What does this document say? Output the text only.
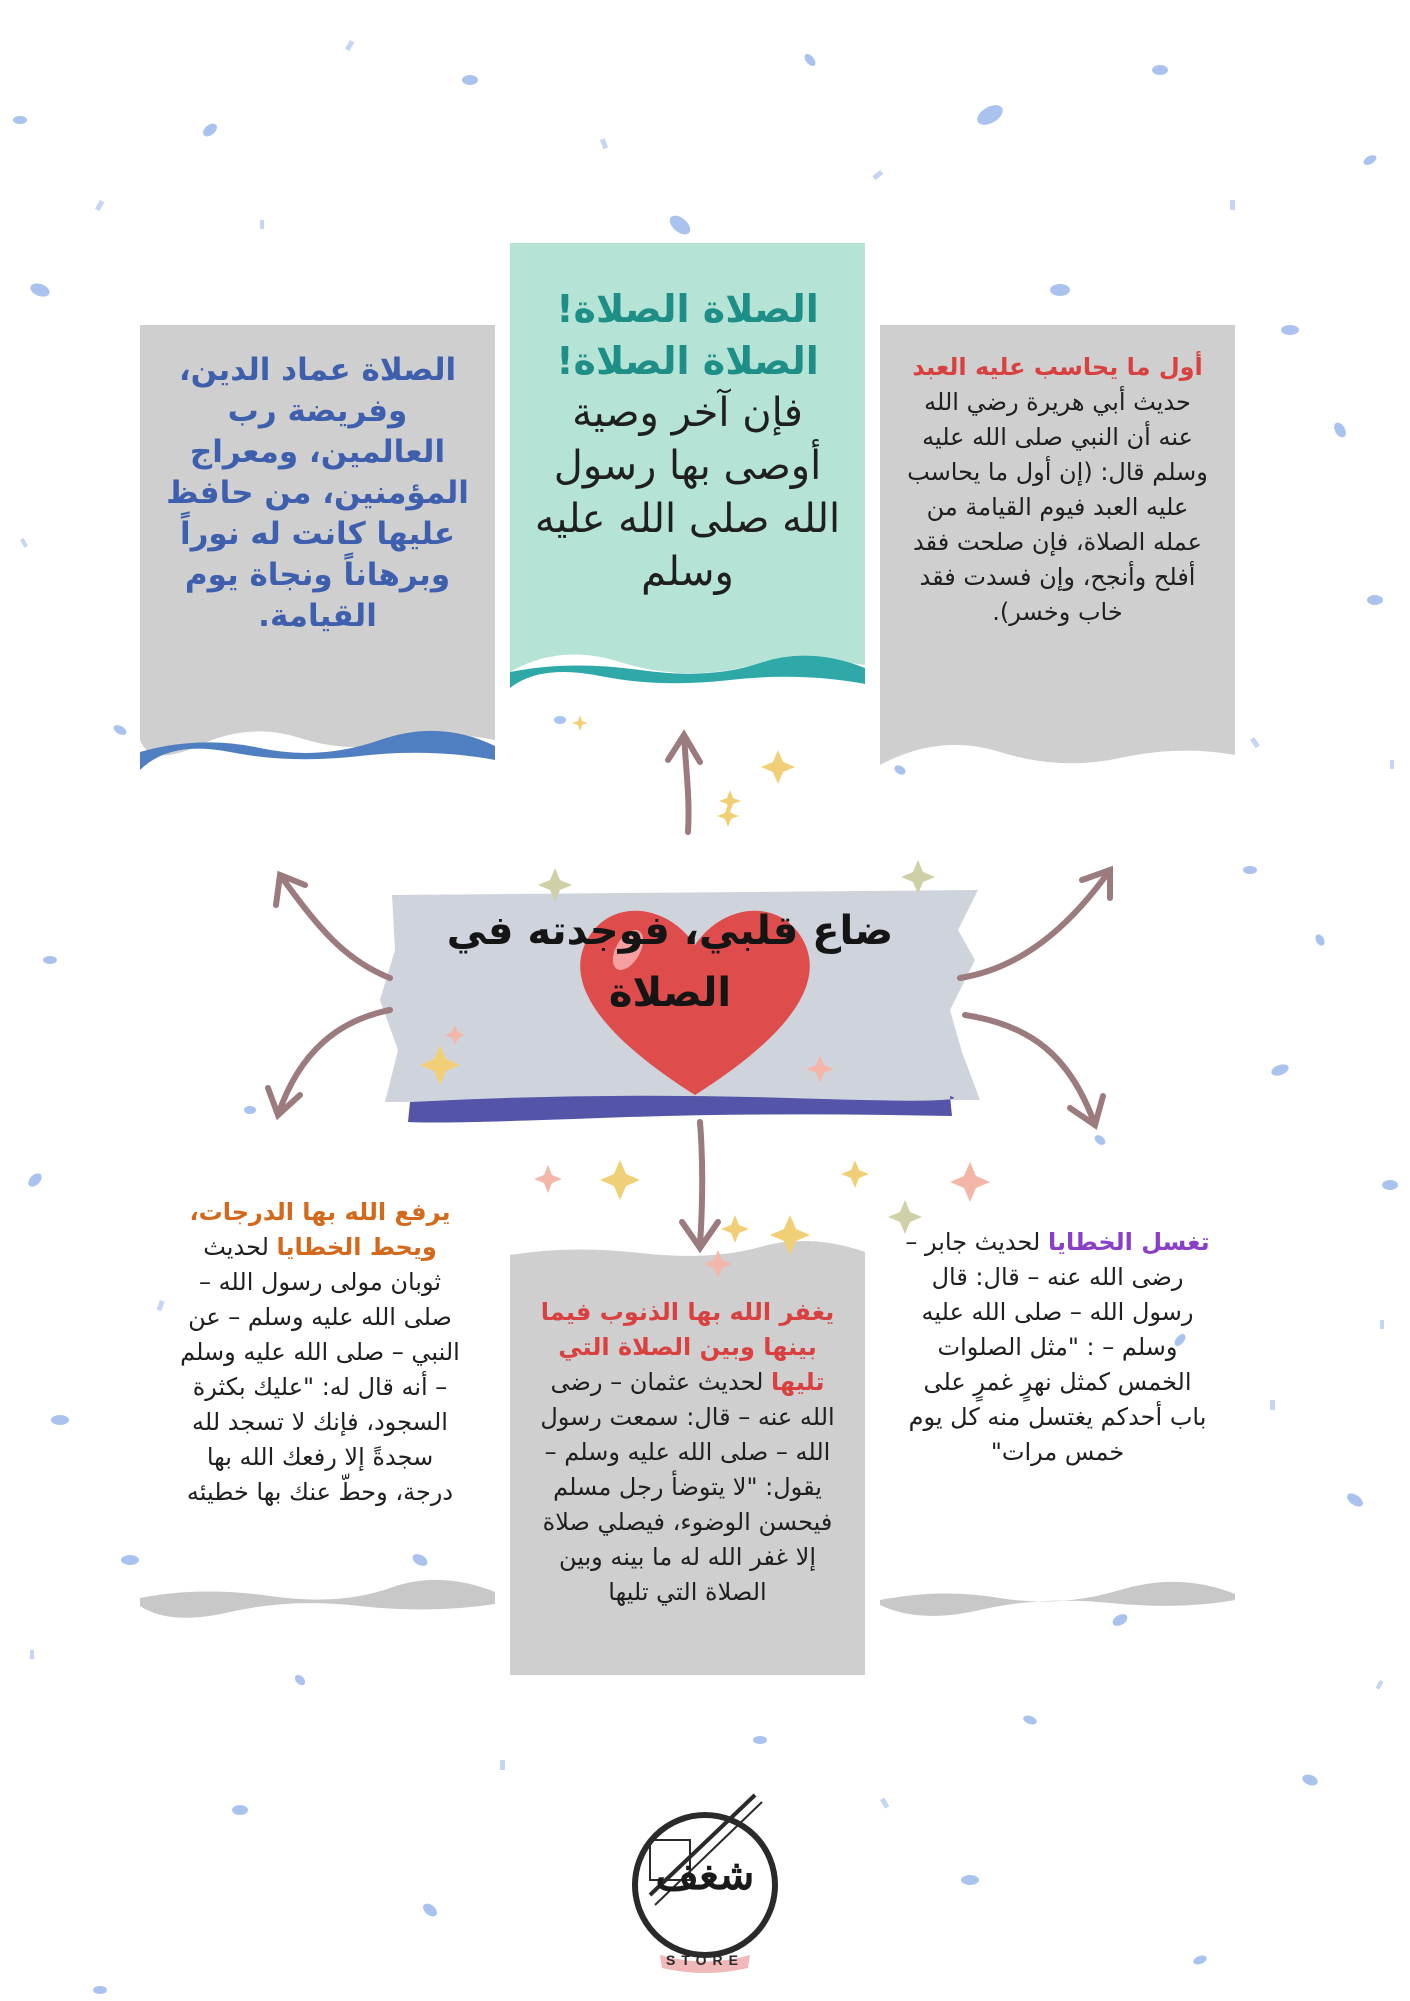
الصلاة عماد الدين، وفريضة رب العالمين، ومعراج المؤمنين، من حافظ عليها كانت له نوراً وبرهاناً ونجاة يوم القيامة.

الصلاة الصلاة! الصلاة الصلاة!

فإن آخر وصية أوصى بها رسول الله صلى الله عليه وسلم

أول ما يحاسب عليه العبد حديث أبي هريرة رضي الله عنه أن النبي صلى الله عليه وسلم قال: (إن أول ما يحاسب عليه العبد فيوم القيامة من عمله الصلاة، فإن صلحت فقد أفلح وأنجح، وإن فسدت فقد خاب وخسر).

ضاع قلبي، فوجدته في الصلاة

يرفع الله بها الدرجات، ويحط الخطايا لحديث ثوبان مولى رسول الله – صلى الله عليه وسلم – عن النبي – صلى الله عليه وسلم – أنه قال له: "عليك بكثرة السجود، فإنك لا تسجد لله سجدةً إلا رفعك الله بها درجة، وحطّ عنك بها خطيئه

يغفر الله بها الذنوب فيما بينها وبين الصلاة التي تليها لحديث عثمان – رضى الله عنه – قال: سمعت رسول الله – صلى الله عليه وسلم – يقول: "لا يتوضأ رجل مسلم فيحسن الوضوء، فيصلي صلاة إلا غفر الله له ما بينه وبين الصلاة التي تليها

تغسل الخطايا لحديث جابر – رضى الله عنه – قال: قال رسول الله – صلى الله عليه وسلم – : "مثل الصلوات الخمس كمثل نهرٍ غمرٍ على باب أحدكم يغتسل منه كل يوم خمس مرات"

شغف
STORE
